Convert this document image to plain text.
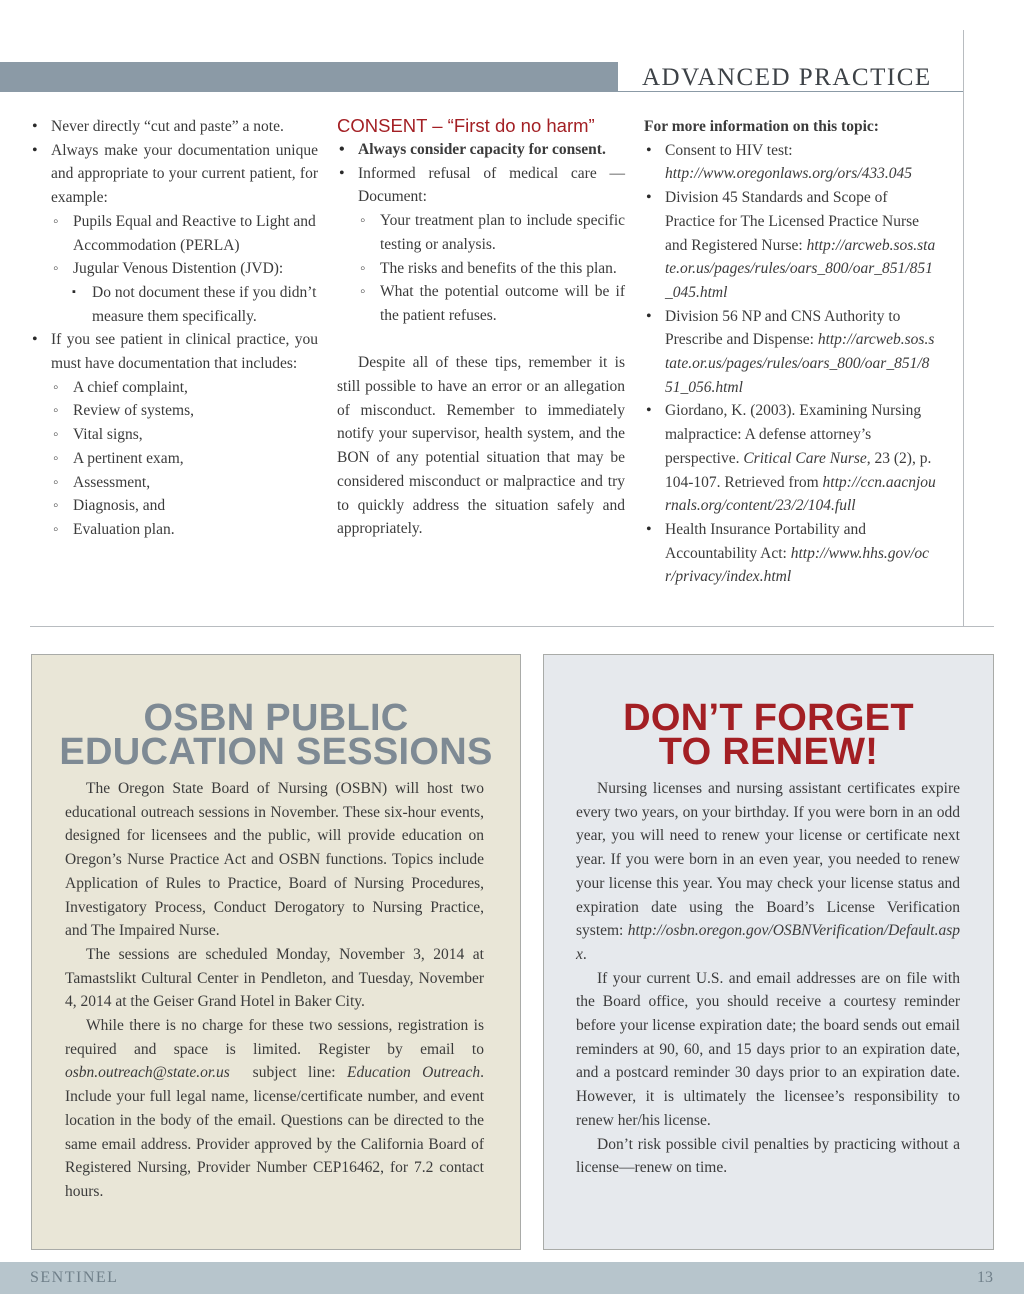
ADVANCED PRACTICE
• Never directly “cut and paste” a note.
• Always make your documentation unique and appropriate to your current patient, for example:
◦ Pupils Equal and Reactive to Light and Accommodation (PERLA)
◦ Jugular Venous Distention (JVD):
▪ Do not document these if you didn’t measure them specifically.
• If you see patient in clinical practice, you must have documentation that includes:
◦ A chief complaint,
◦ Review of systems,
◦ Vital signs,
◦ A pertinent exam,
◦ Assessment,
◦ Diagnosis, and
◦ Evaluation plan.
CONSENT – “First do no harm”
• Always consider capacity for consent.
• Informed refusal of medical care — Document:
◦ Your treatment plan to include specific testing or analysis.
◦ The risks and benefits of the this plan.
◦ What the potential outcome will be if the patient refuses.

Despite all of these tips, remember it is still possible to have an error or an allegation of misconduct. Remember to immediately notify your supervisor, health system, and the BON of any potential situation that may be considered misconduct or malpractice and try to quickly address the situation safely and appropriately.

For more information on this topic:

• Consent to HIV test: http://www.oregonlaws.org/ors/433.045
• Division 45 Standards and Scope of Practice for The Licensed Practice Nurse and Registered Nurse: http://arcweb.sos.state.or.us/pages/rules/oars_800/oar_851/851_045.html
• Division 56 NP and CNS Authority to Prescribe and Dispense: http://arcweb.sos.state.or.us/pages/rules/oars_800/oar_851/851_056.html
• Giordano, K. (2003). Examining Nursing malpractice: A defense attorney’s perspective. Critical Care Nurse, 23 (2), p. 104-107. Retrieved from http://ccn.aacnjournals.org/content/23/2/104.full
• Health Insurance Portability and Accountability Act: http://www.hhs.gov/ocr/privacy/index.html
OSBN PUBLIC
EDUCATION SESSIONS

The Oregon State Board of Nursing (OSBN) will host two educational outreach sessions in November. These six-hour events, designed for licensees and the public, will provide education on Oregon’s Nurse Practice Act and OSBN functions. Topics include Application of Rules to Practice, Board of Nursing Procedures, Investigatory Process, Conduct Derogatory to Nursing Practice, and The Impaired Nurse.

The sessions are scheduled Monday, November 3, 2014 at Tamastslikt Cultural Center in Pendleton, and Tuesday, November 4, 2014 at the Geiser Grand Hotel in Baker City.

While there is no charge for these two sessions, registration is required and space is limited. Register by email to osbn.outreach@state.or.us  subject line: Education Outreach. Include your full legal name, license/certificate number, and event location in the body of the email. Questions can be directed to the same email address. Provider approved by the California Board of Registered Nursing, Provider Number CEP16462, for 7.2 contact hours.

DON’T FORGET
TO RENEW!

Nursing licenses and nursing assistant certificates expire every two years, on your birthday. If you were born in an odd year, you will need to renew your license or certificate next year. If you were born in an even year, you needed to renew your license this year. You may check your license status and expiration date using the Board’s License Verification system: http://osbn.oregon.gov/OSBNVerification/Default.aspx.

If your current U.S. and email addresses are on file with the Board office, you should receive a courtesy reminder before your license expiration date; the board sends out email reminders at 90, 60, and 15 days prior to an expiration date, and a postcard reminder 30 days prior to an expiration date. However, it is ultimately the licensee’s responsibility to renew her/his license.

Don’t risk possible civil penalties by practicing without a license—renew on time.

SENTINEL	13
